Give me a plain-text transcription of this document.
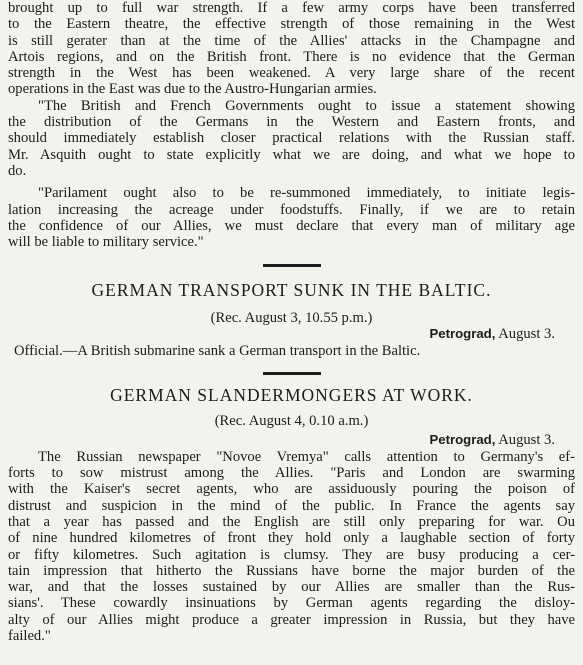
brought up to full war strength. If a few army corps have been transferred
to the Eastern theatre, the effective strength of those remaining in the West
is still gerater than at the time of the Allies' attacks in the Champagne and
Artois regions, and on the British front. There is no evidence that the German
strength in the West has been weakened. A very large share of the recent
operations in the East was due to the Austro-Hungarian armies.
"The British and French Governments ought to issue a statement showing
the distribution of the Germans in the Western and Eastern fronts, and
should immediately establish closer practical relations with the Russian staff.
Mr. Asquith ought to state explicitly what we are doing, and what we hope to
do.
"Parilament ought also to be re-summoned immediately, to initiate legis-
lation increasing the acreage under foodstuffs. Finally, if we are to retain
the confidence of our Allies, we must declare that every man of military age
will be liable to military service."
GERMAN TRANSPORT SUNK IN THE BALTIC.
(Rec. August 3, 10.55 p.m.)
Petrograd, August 3.
Official.—A British submarine sank a German transport in the Baltic.
GERMAN SLANDERMONGERS AT WORK.
(Rec. August 4, 0.10 a.m.)
Petrograd, August 3.
The Russian newspaper "Novoe Vremya" calls attention to Germany's ef-
forts to sow mistrust among the Allies. "Paris and London are swarming
with the Kaiser's secret agents, who are assiduously pouring the poison of
distrust and suspicion in the mind of the public. In France the agents say
that a year has passed and the English are still only preparing for war. Ou
of nine hundred kilometres of front they hold only a laughable section of forty
or fifty kilometres. Such agitation is clumsy. They are busy producing a cer-
tain impression that hitherto the Russians have borne the major burden of the
war, and that the losses sustained by our Allies are smaller than the Rus-
sians'. These cowardly insinuations by German agents regarding the disloy-
alty of our Allies might produce a greater impression in Russia, but they have
failed."
